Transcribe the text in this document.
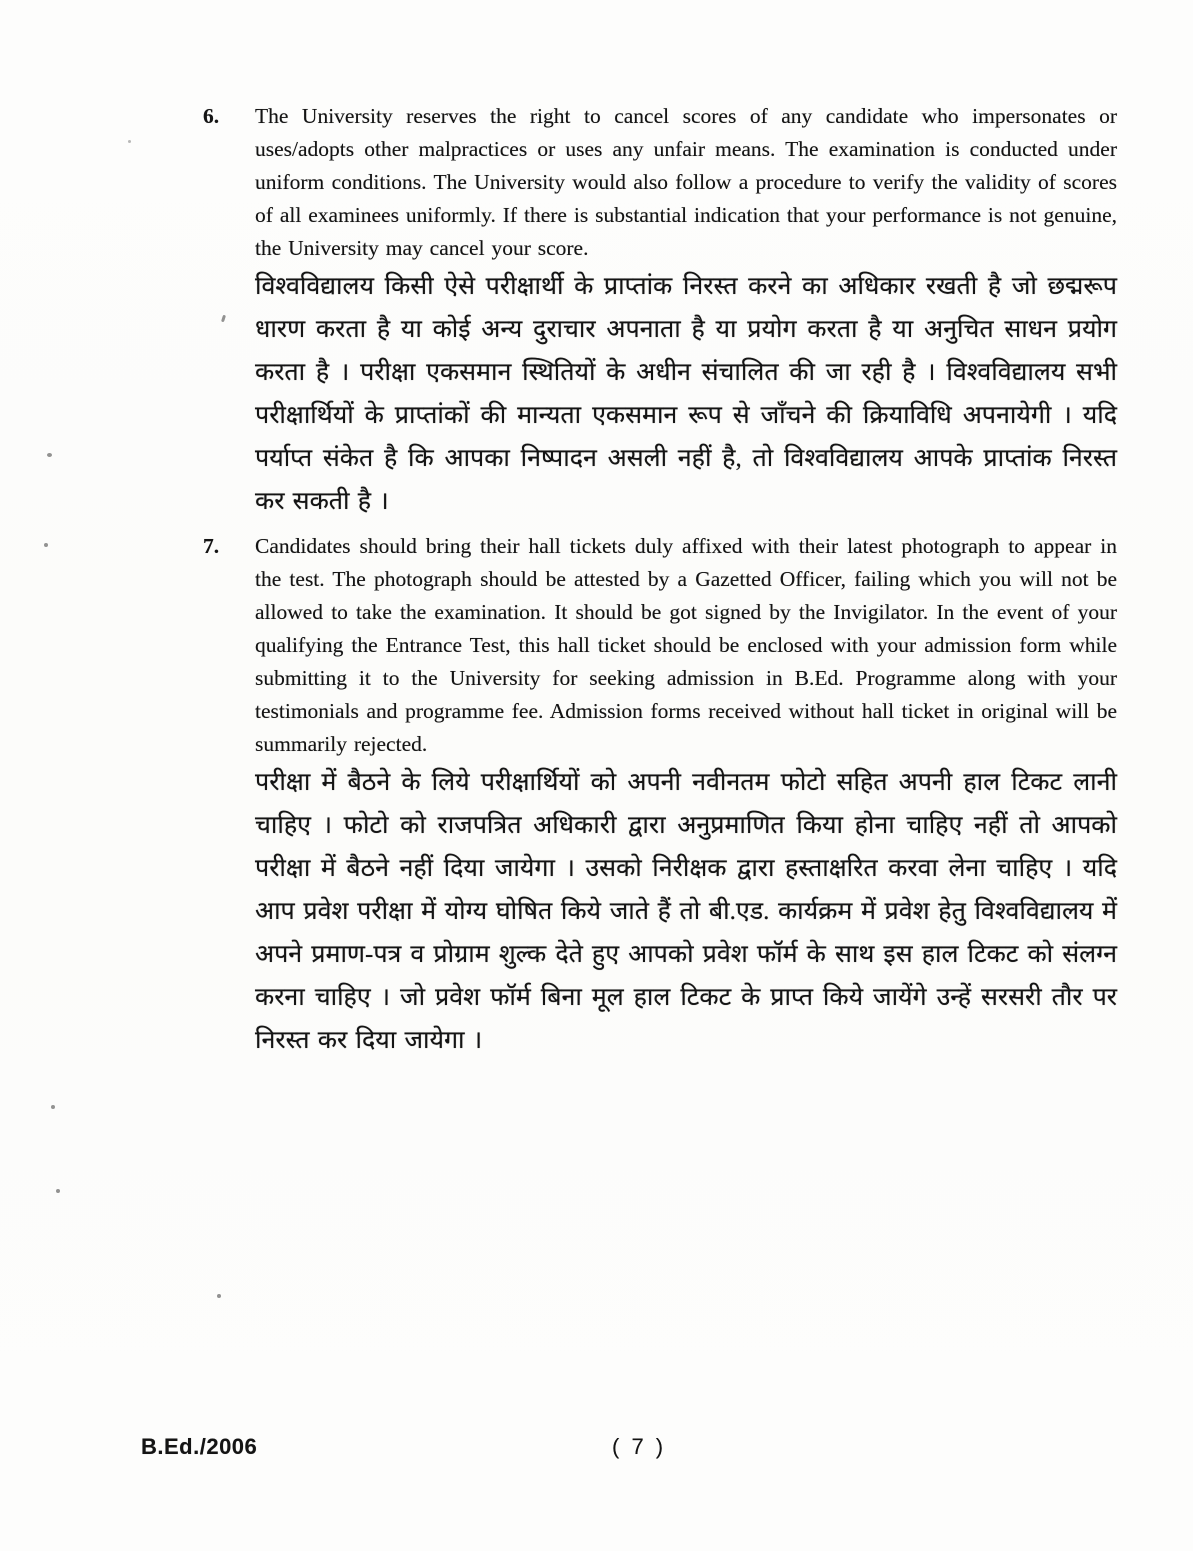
6.	The University reserves the right to cancel scores of any candidate who impersonates or uses/adopts other malpractices or uses any unfair means. The examination is conducted under uniform conditions. The University would also follow a procedure to verify the validity of scores of all examinees uniformly. If there is substantial indication that your performance is not genuine, the University may cancel your score.

विश्वविद्यालय किसी ऐसे परीक्षार्थी के प्राप्तांक निरस्त करने का अधिकार रखती है जो छद्मरूप धारण करता है या कोई अन्य दुराचार अपनाता है या प्रयोग करता है या अनुचित साधन प्रयोग करता है । परीक्षा एकसमान स्थितियों के अधीन संचालित की जा रही है । विश्वविद्यालय सभी परीक्षार्थियों के प्राप्तांकों की मान्यता एकसमान रूप से जाँचने की क्रियाविधि अपनायेगी । यदि पर्याप्त संकेत है कि आपका निष्पादन असली नहीं है, तो विश्वविद्यालय आपके प्राप्तांक निरस्त कर सकती है ।

7.	Candidates should bring their hall tickets duly affixed with their latest photograph to appear in the test. The photograph should be attested by a Gazetted Officer, failing which you will not be allowed to take the examination. It should be got signed by the Invigilator. In the event of your qualifying the Entrance Test, this hall ticket should be enclosed with your admission form while submitting it to the University for seeking admission in B.Ed. Programme along with your testimonials and programme fee. Admission forms received without hall ticket in original will be summarily rejected.

परीक्षा में बैठने के लिये परीक्षार्थियों को अपनी नवीनतम फोटो सहित अपनी हाल टिकट लानी चाहिए । फोटो को राजपत्रित अधिकारी द्वारा अनुप्रमाणित किया होना चाहिए नहीं तो आपको परीक्षा में बैठने नहीं दिया जायेगा । उसको निरीक्षक द्वारा हस्ताक्षरित करवा लेना चाहिए । यदि आप प्रवेश परीक्षा में योग्य घोषित किये जाते हैं तो बी.एड. कार्यक्रम में प्रवेश हेतु विश्वविद्यालय में अपने प्रमाण-पत्र व प्रोग्राम शुल्क देते हुए आपको प्रवेश फॉर्म के साथ इस हाल टिकट को संलग्न करना चाहिए । जो प्रवेश फॉर्म बिना मूल हाल टिकट के प्राप्त किये जायेंगे उन्हें सरसरी तौर पर निरस्त कर दिया जायेगा ।

B.Ed./2006	( 7 )
